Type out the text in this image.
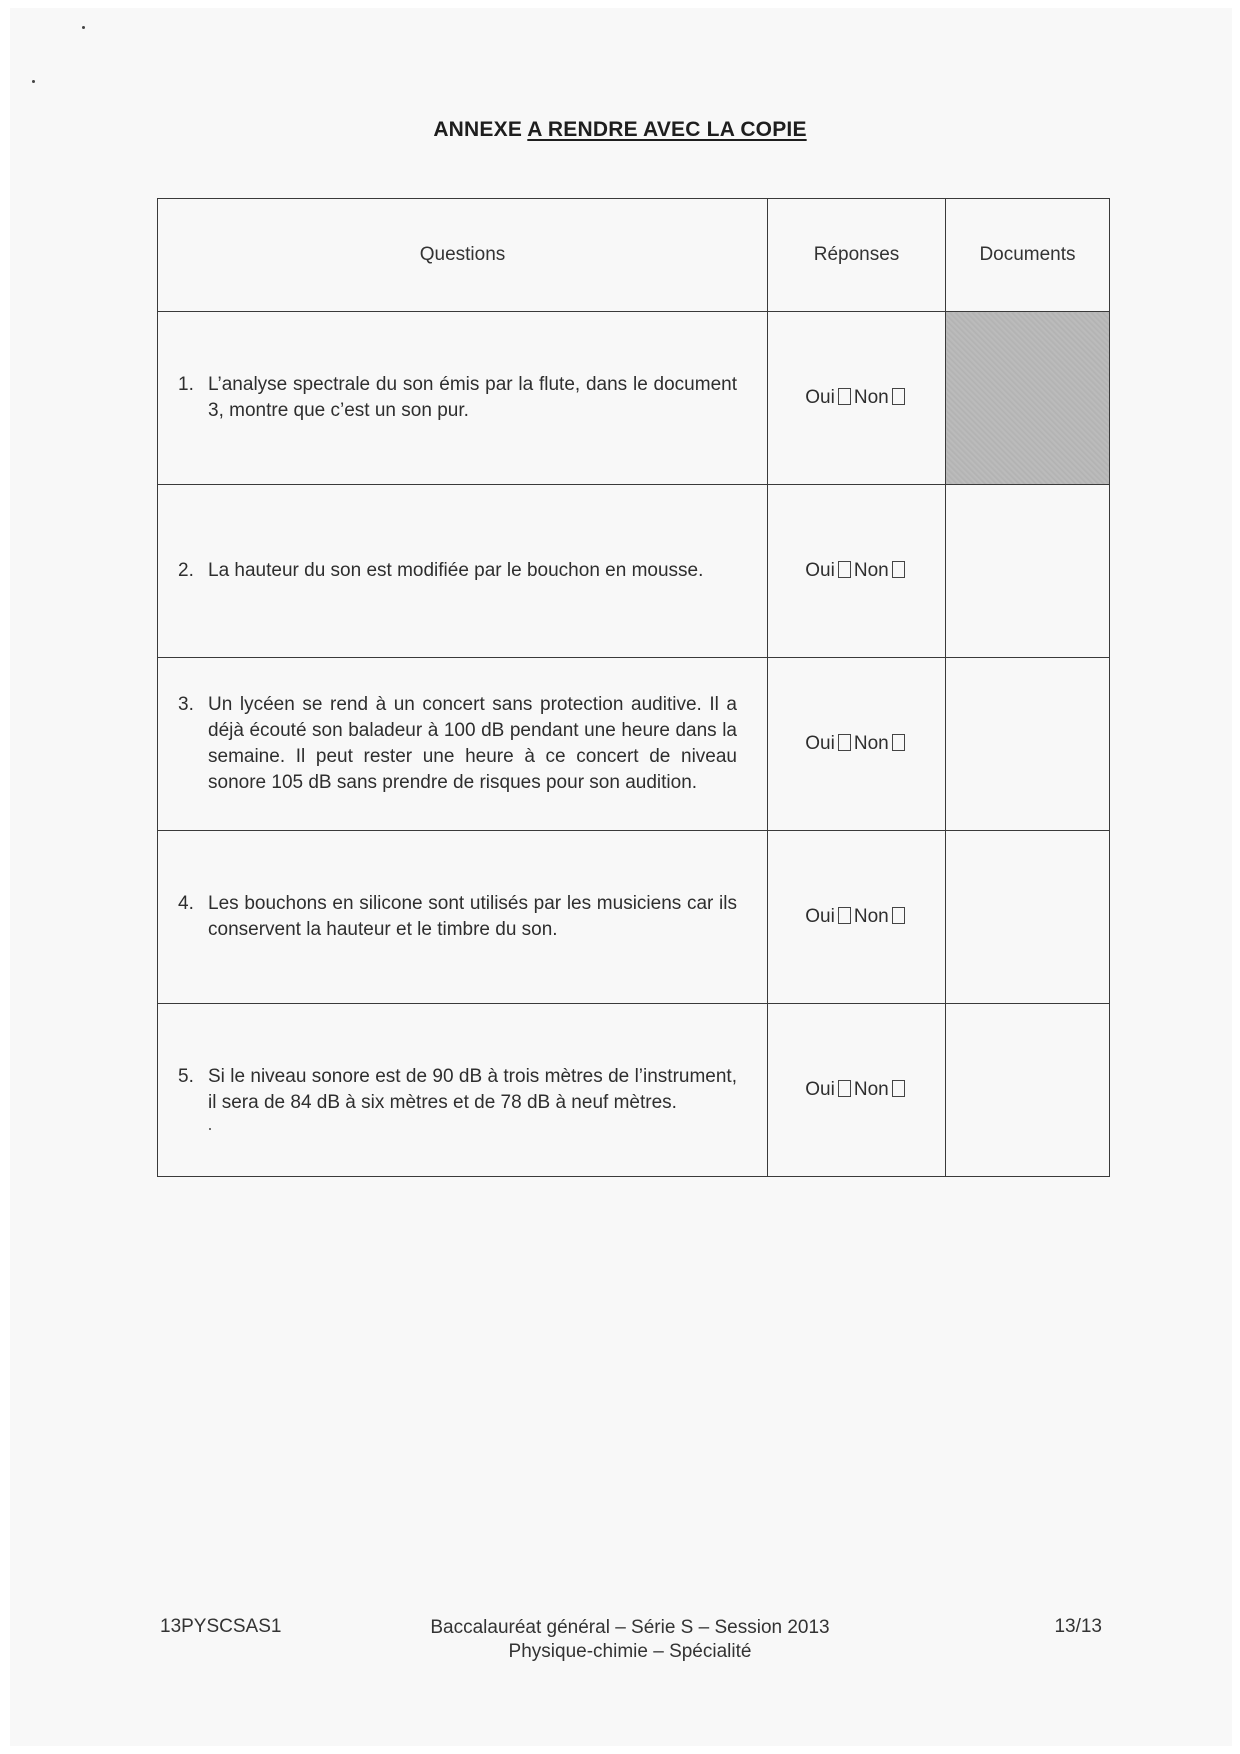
ANNEXE A RENDRE AVEC LA COPIE
Questions	Réponses	Documents

1. L’analyse spectrale du son émis par la flute, dans le document 3, montre que c’est un son pur.	Oui Non	

2. La hauteur du son est modifiée par le bouchon en mousse.	Oui Non	

3. Un lycéen se rend à un concert sans protection auditive. Il a déjà écouté son baladeur à 100 dB pendant une heure dans la semaine. Il peut rester une heure à ce concert de niveau sonore 105 dB sans prendre de risques pour son audition.	Oui Non	

4. Les bouchons en silicone sont utilisés par les musiciens car ils conservent la hauteur et le timbre du son.	Oui Non	

5. Si le niveau sonore est de 90 dB à trois mètres de l’instrument, il sera de 84 dB à six mètres et de 78 dB à neuf mètres.	Oui Non	
13PYSCSAS1	Baccalauréat général – Série S – Session 2013
Physique-chimie – Spécialité
13/13
